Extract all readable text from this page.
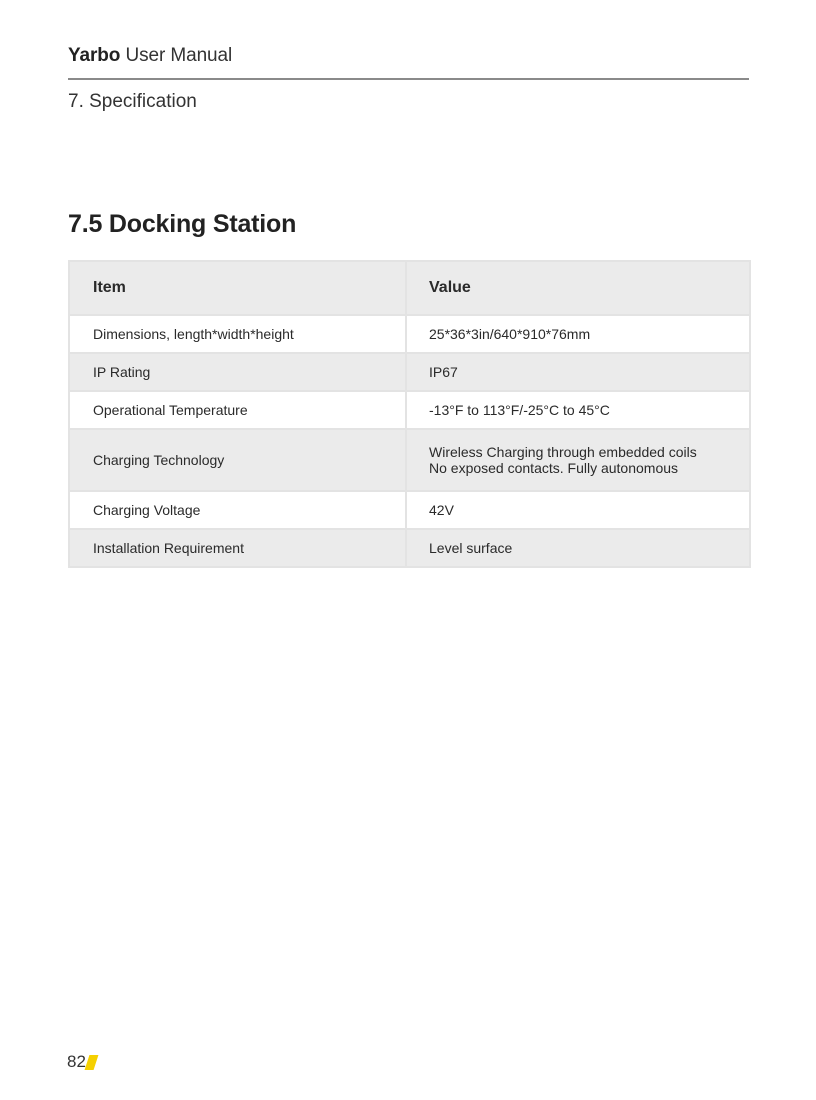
Yarbo User Manual
7. Specification
7.5 Docking Station
Item	Value
Dimensions, length*width*height	25*36*3in/640*910*76mm

IP Rating	IP67

Operational Temperature	-13°F to 113°F/-25°C to 45°C

Charging Technology	Wireless Charging through embedded coils
No exposed contacts. Fully autonomous

Charging Voltage	42V

Installation Requirement	Level surface
82
